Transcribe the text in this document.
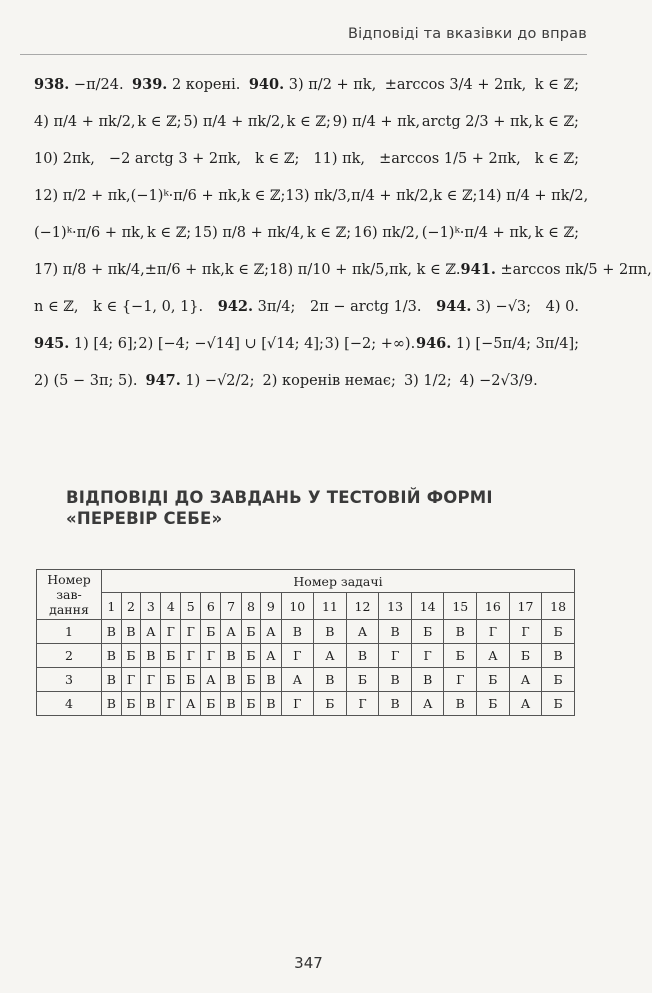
Відповіді та вказівки до вправ
938. −π/24. 939. 2 корені. 940. 3) π/2 + πk, ±arccos 3/4 + 2πk, k ∈ ℤ;
4) π/4 + πk/2, k ∈ ℤ; 5) π/4 + πk/2, k ∈ ℤ; 9) π/4 + πk, arctg 2/3 + πk, k ∈ ℤ;
10) 2πk, −2 arctg 3 + 2πk, k ∈ ℤ; 11) πk, ±arccos 1/5 + 2πk, k ∈ ℤ;
12) π/2 + πk, (−1)ᵏ·π/6 + πk, k ∈ ℤ; 13) πk/3, π/4 + πk/2, k ∈ ℤ; 14) π/4 + πk/2,
(−1)ᵏ·π/6 + πk, k ∈ ℤ; 15) π/8 + πk/4, k ∈ ℤ; 16) πk/2, (−1)ᵏ·π/4 + πk, k ∈ ℤ;
17) π/8 + πk/4, ±π/6 + πk, k ∈ ℤ; 18) π/10 + πk/5, πk, k ∈ ℤ. 941. ±arccos πk/5 + 2πn,
n ∈ ℤ, k ∈ {−1, 0, 1}. 942. 3π/4; 2π − arctg 1/3. 944. 3) −√3; 4) 0.
945. 1) [4; 6]; 2) [−4; −√14] ∪ [√14; 4]; 3) [−2; +∞). 946. 1) [−5π/4; 3π/4];
2) (5 − 3π; 5). 947. 1) −√2/2; 2) коренів немає; 3) 1/2; 4) −2√3/9.
ВІДПОВІДІ ДО ЗАВДАНЬ У ТЕСТОВІЙ ФОРМІ
«ПЕРЕВІР СЕБЕ»
Номер зав-дання	Номер задачі																	
	1	2	3	4	5	6	7	8	9	10	11	12	13	14	15	16	17	18
1	В	В	А	Г	Г	Б	А	Б	А	В	В	А	В	Б	В	Г	Г	Б
2	В	Б	В	Б	Г	Г	В	Б	А	Г	А	В	Г	Г	Б	А	Б	В
3	В	Г	Г	Б	Б	А	В	Б	В	А	В	Б	В	В	Г	Б	А	Б
4	В	Б	В	Г	А	Б	В	Б	В	Г	Б	Г	В	А	В	Б	А	Б
347
